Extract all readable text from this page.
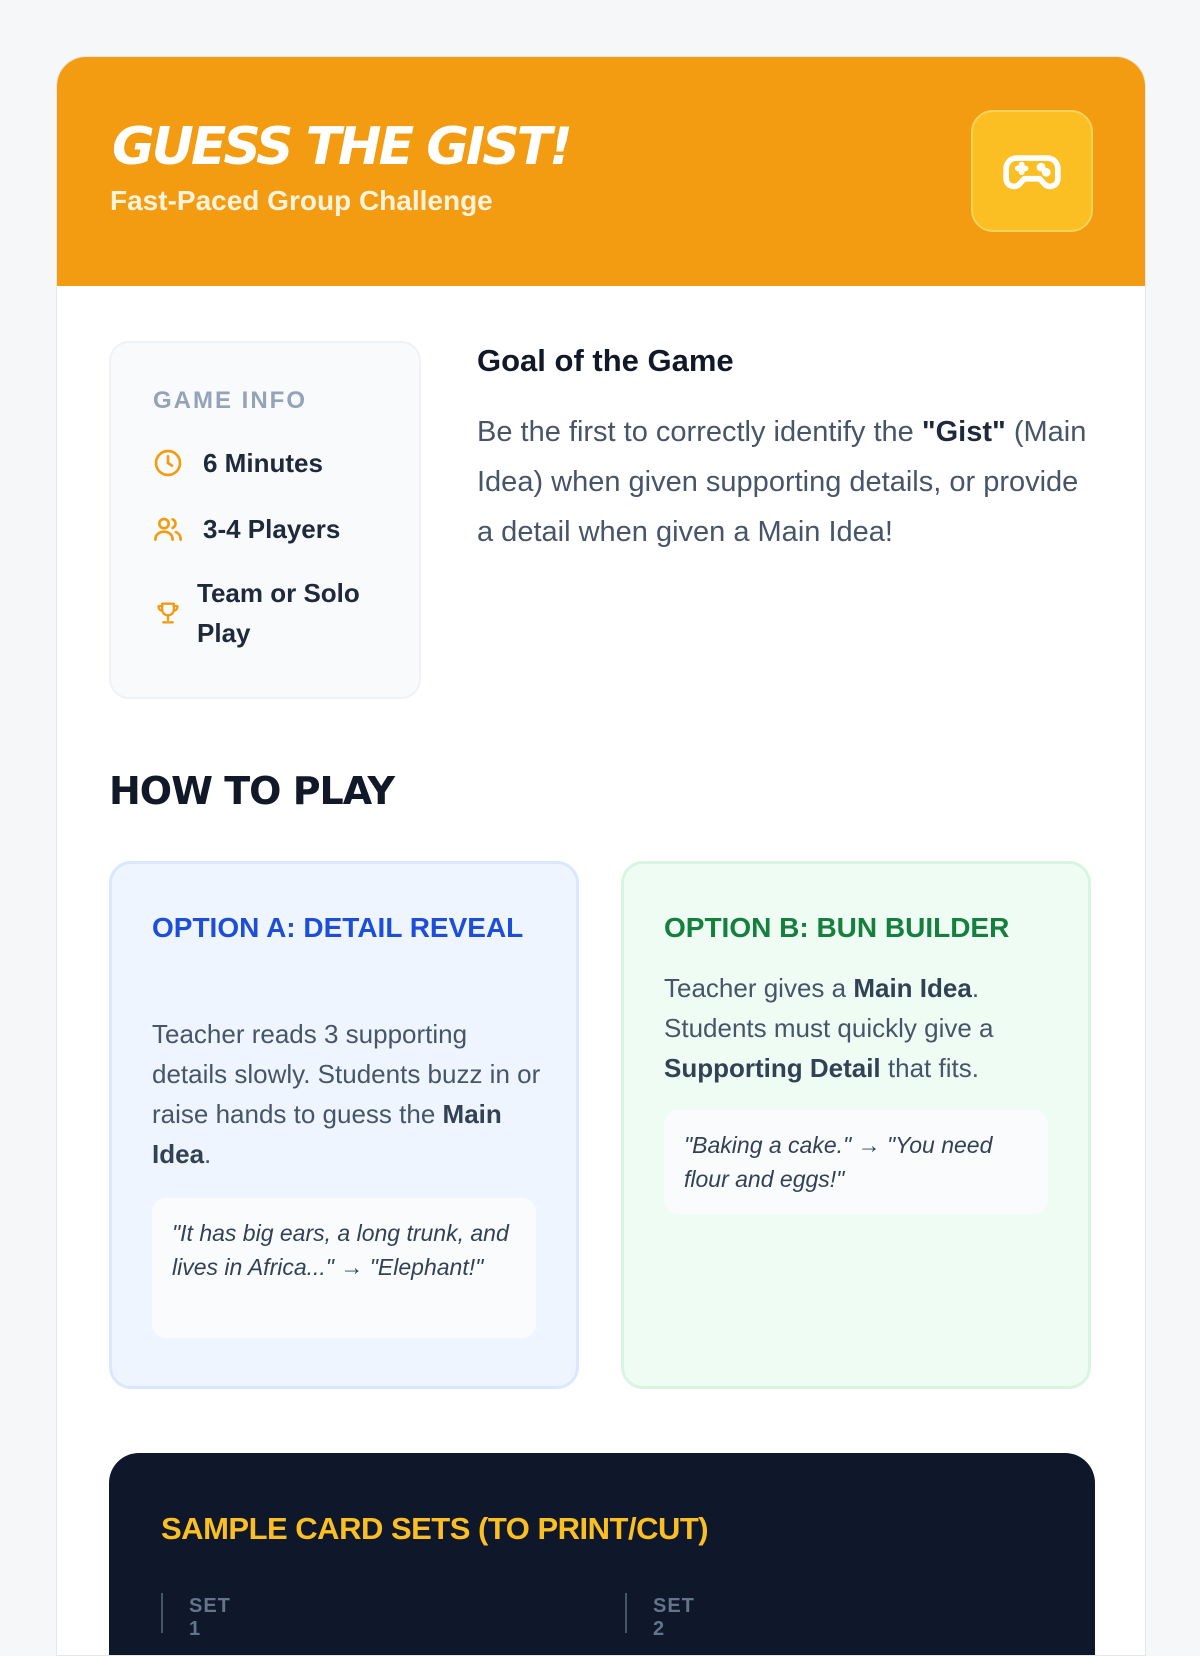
GUESS THE GIST!
Fast-Paced Group Challenge
GAME INFO
6 Minutes
3-4 Players
Team or Solo Play
Goal of the Game
Be the first to correctly identify the "Gist" (Main Idea) when given supporting details, or provide a detail when given a Main Idea!
HOW TO PLAY
OPTION A: DETAIL REVEAL
Teacher reads 3 supporting details slowly. Students buzz in or raise hands to guess the Main Idea.
"It has big ears, a long trunk, and lives in Africa..." → "Elephant!"
OPTION B: BUN BUILDER
Teacher gives a Main Idea. Students must quickly give a Supporting Detail that fits.
"Baking a cake." → "You need flour and eggs!"
SAMPLE CARD SETS (TO PRINT/CUT)
SET 1
SET 2
